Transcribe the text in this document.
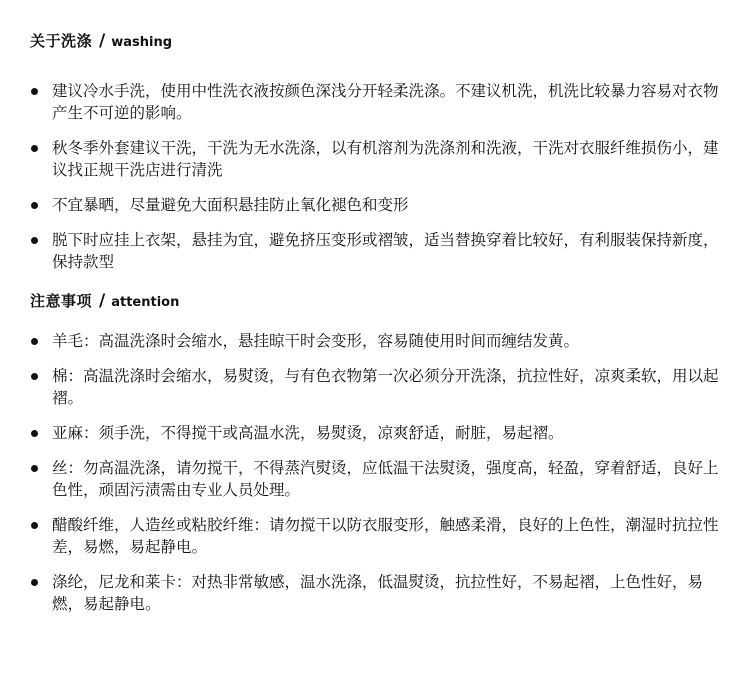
关于洗涤 / washing
建议冷水手洗，使用中性洗衣液按颜色深浅分开轻柔洗涤。不建议机洗，机洗比较暴力容易对衣物产生不可逆的影响。
秋冬季外套建议干洗，干洗为无水洗涤，以有机溶剂为洗涤剂和洗液，干洗对衣服纤维损伤小，建议找正规干洗店进行清洗
不宜暴晒，尽量避免大面积悬挂防止氧化褪色和变形
脱下时应挂上衣架，悬挂为宜，避免挤压变形或褶皱，适当替换穿着比较好，有利服装保持新度，保持款型
注意事项 / attention
羊毛：高温洗涤时会缩水，悬挂晾干时会变形，容易随使用时间而缠结发黄。
棉：高温洗涤时会缩水，易熨烫，与有色衣物第一次必须分开洗涤，抗拉性好，凉爽柔软，用以起褶。
亚麻：须手洗，不得搅干或高温水洗，易熨烫，凉爽舒适，耐脏，易起褶。
丝：勿高温洗涤，请勿搅干，不得蒸汽熨烫，应低温干法熨烫，强度高，轻盈，穿着舒适，良好上色性，顽固污渍需由专业人员处理。
醋酸纤维，人造丝或粘胶纤维：请勿搅干以防衣服变形，触感柔滑，良好的上色性，潮湿时抗拉性差，易燃，易起静电。
涤纶，尼龙和莱卡：对热非常敏感，温水洗涤，低温熨烫，抗拉性好，不易起褶，上色性好，易燃，易起静电。
